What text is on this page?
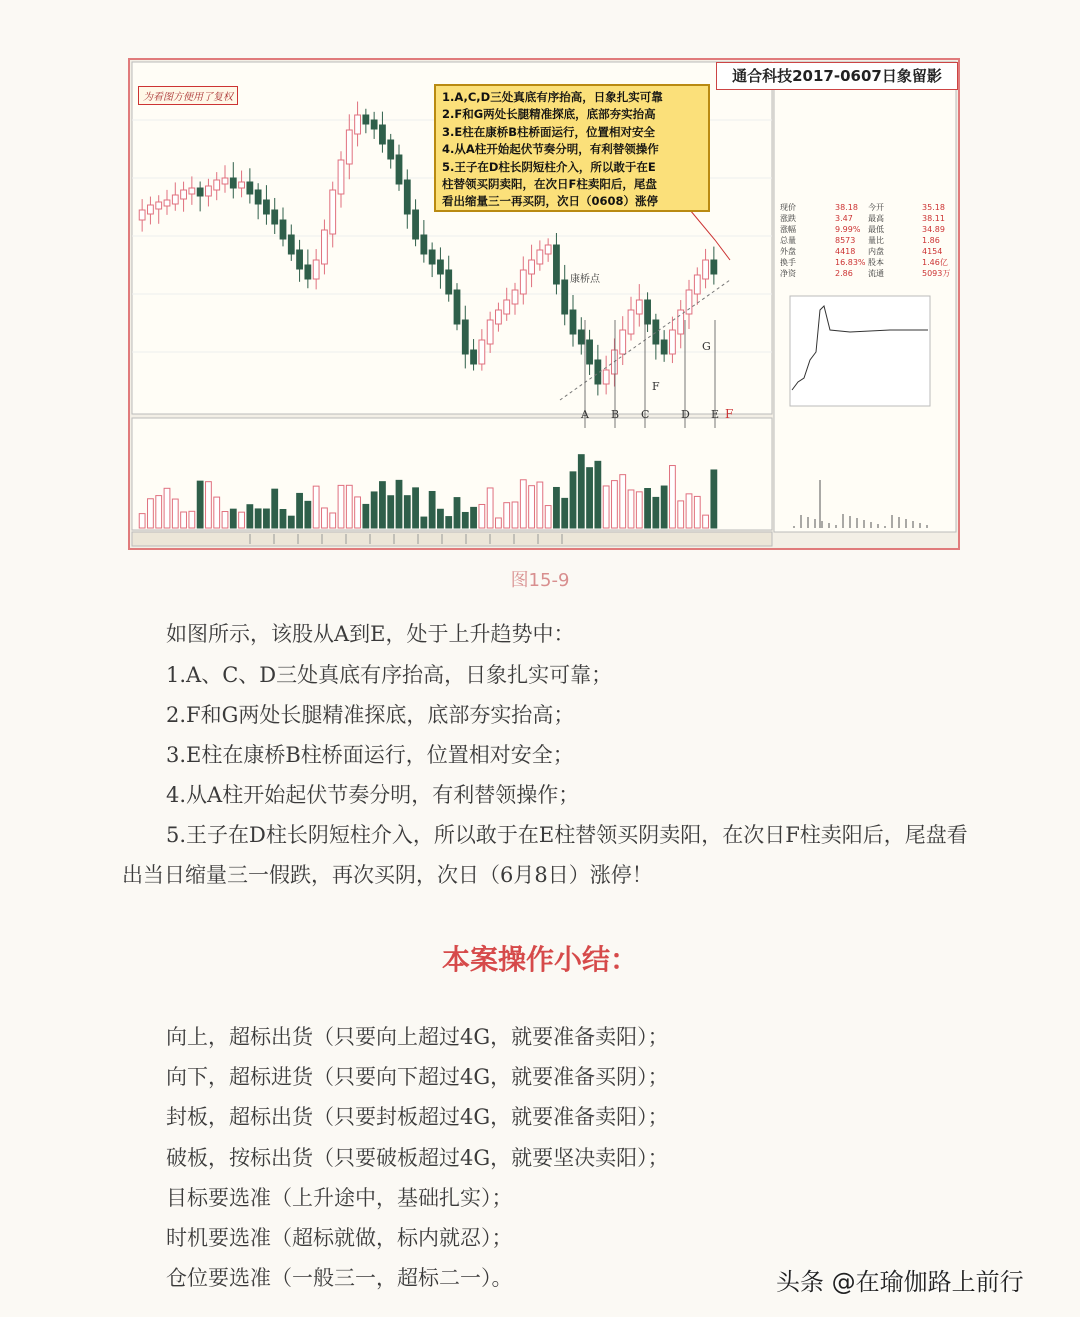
A B C	D E F
F
G
康桥点
现价	38.18 今开	35.18
涨跌	3.47 最高	38.11
涨幅	9.99% 最低	34.89
总量	8573 量比	1.86
外盘	4418 内盘	4154
换手	16.83% 股本	1.46亿
净资	2.86 流通	5093万
为看图方便用了复权	1.A,C,D三处真底有序抬高，日象扎实可靠
2.F和G两处长腿精准探底，底部夯实抬高
3.E柱在康桥B柱桥面运行，位置相对安全
4.从A柱开始起伏节奏分明，有利替领操作
5.王子在D柱长阴短柱介入，所以敢于在E
柱替领买阴卖阳，在次日F柱卖阳后，尾盘
看出缩量三一再买阴，次日（0608）涨停
通合科技2017-0607日象留影
图15-9
如图所示，该股从A到E，处于上升趋势中：
1.A、C、D三处真底有序抬高，日象扎实可靠；
2.F和G两处长腿精准探底，底部夯实抬高；
3.E柱在康桥B柱桥面运行，位置相对安全；
4.从A柱开始起伏节奏分明，有利替领操作；
5.王子在D柱长阴短柱介入，所以敢于在E柱替领买阴卖阳，在次日F柱卖阳后，尾盘看出当日缩量三一假跌，再次买阴，次日（6月8日）涨停！
本案操作小结：
向上，超标出货（只要向上超过4G，就要准备卖阳）；
向下，超标进货（只要向下超过4G，就要准备买阴）；
封板，超标出货（只要封板超过4G，就要准备卖阳）；
破板，按标出货（只要破板超过4G，就要坚决卖阳）；
目标要选准（上升途中，基础扎实）；
时机要选准（超标就做，标内就忍）；
仓位要选准（一般三一，超标二一）。	头条 @在瑜伽路上前行
